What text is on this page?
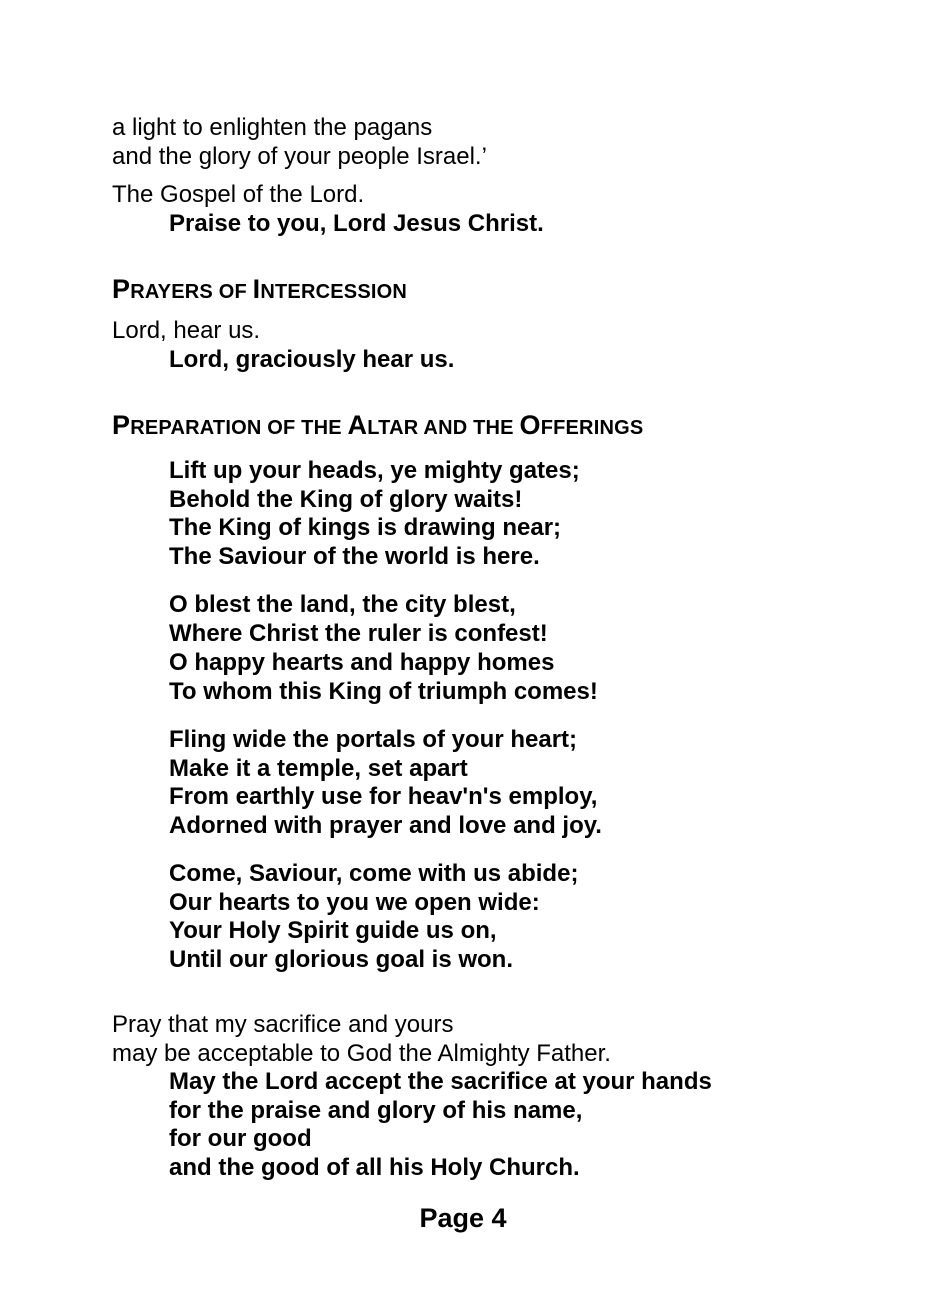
a light to enlighten the pagans

and the glory of your people Israel.’

The Gospel of the Lord.

Praise to you, Lord Jesus Christ.

PRAYERS OF INTERCESSION

Lord, hear us.

Lord, graciously hear us.

PREPARATION OF THE ALTAR AND THE OFFERINGS

Lift up your heads, ye mighty gates;

Behold the King of glory waits!

The King of kings is drawing near;

The Saviour of the world is here.

O blest the land, the city blest,

Where Christ the ruler is confest!

O happy hearts and happy homes

To whom this King of triumph comes!

Fling wide the portals of your heart;

Make it a temple, set apart

From earthly use for heav'n's employ,

Adorned with prayer and love and joy.

Come, Saviour, come with us abide;

Our hearts to you we open wide:

Your Holy Spirit guide us on,

Until our glorious goal is won.

Pray that my sacrifice and yours

may be acceptable to God the Almighty Father.

May the Lord accept the sacrifice at your hands

for the praise and glory of his name,

for our good

and the good of all his Holy Church.

Page 4
